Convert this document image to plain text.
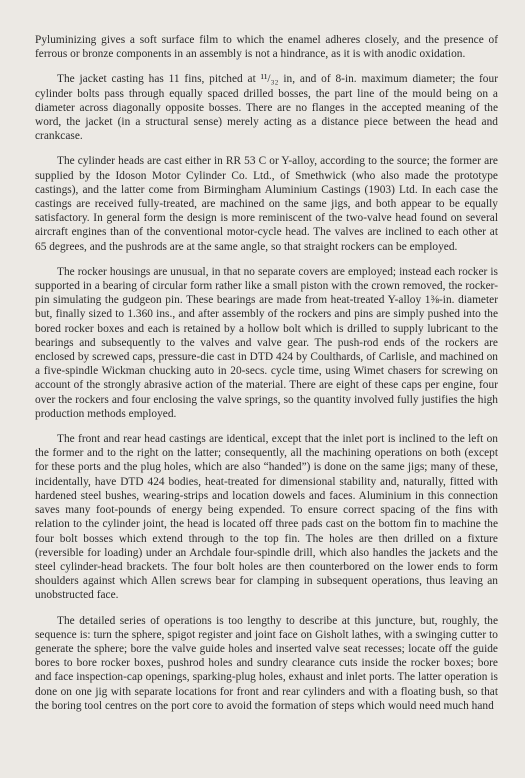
Pyluminizing gives a soft surface film to which the enamel adheres closely, and the presence of ferrous or bronze components in an assembly is not a hindrance, as it is with anodic oxidation.

The jacket casting has 11 fins, pitched at ¹¹/₃₂ in, and of 8-in. maximum diameter; the four cylinder bolts pass through equally spaced drilled bosses, the part line of the mould being on a diameter across diagonally opposite bosses. There are no flanges in the accepted meaning of the word, the jacket (in a structural sense) merely acting as a distance piece between the head and crankcase.

The cylinder heads are cast either in RR 53 C or Y-alloy, according to the source; the former are supplied by the Idoson Motor Cylinder Co. Ltd., of Smethwick (who also made the prototype castings), and the latter come from Birmingham Aluminium Castings (1903) Ltd. In each case the castings are received fully-treated, are machined on the same jigs, and both appear to be equally satisfactory. In general form the design is more reminiscent of the two-valve head found on several aircraft engines than of the conventional motor-cycle head. The valves are inclined to each other at 65 degrees, and the pushrods are at the same angle, so that straight rockers can be employed.

The rocker housings are unusual, in that no separate covers are employed; instead each rocker is supported in a bearing of circular form rather like a small piston with the crown removed, the rocker-pin simulating the gudgeon pin. These bearings are made from heat-treated Y-alloy 1⅜-in. diameter but, finally sized to 1.360 ins., and after assembly of the rockers and pins are simply pushed into the bored rocker boxes and each is retained by a hollow bolt which is drilled to supply lubricant to the bearings and subsequently to the valves and valve gear. The push-rod ends of the rockers are enclosed by screwed caps, pressure-die cast in DTD 424 by Coulthards, of Carlisle, and machined on a five-spindle Wickman chucking auto in 20-secs. cycle time, using Wimet chasers for screwing on account of the strongly abrasive action of the material. There are eight of these caps per engine, four over the rockers and four enclosing the valve springs, so the quantity involved fully justifies the high production methods employed.

The front and rear head castings are identical, except that the inlet port is inclined to the left on the former and to the right on the latter; consequently, all the machining operations on both (except for these ports and the plug holes, which are also “handed”) is done on the same jigs; many of these, incidentally, have DTD 424 bodies, heat-treated for dimensional stability and, naturally, fitted with hardened steel bushes, wearing-strips and location dowels and faces. Aluminium in this connection saves many foot-pounds of energy being expended. To ensure correct spacing of the fins with relation to the cylinder joint, the head is located off three pads cast on the bottom fin to machine the four bolt bosses which extend through to the top fin. The holes are then drilled on a fixture (reversible for loading) under an Archdale four-spindle drill, which also handles the jackets and the steel cylinder-head brackets. The four bolt holes are then counterbored on the lower ends to form shoulders against which Allen screws bear for clamping in subsequent operations, thus leaving an unobstructed face.

The detailed series of operations is too lengthy to describe at this juncture, but, roughly, the sequence is: turn the sphere, spigot register and joint face on Gisholt lathes, with a swinging cutter to generate the sphere; bore the valve guide holes and inserted valve seat recesses; locate off the guide bores to bore rocker boxes, pushrod holes and sundry clearance cuts inside the rocker boxes; bore and face inspection-cap openings, sparking-plug holes, exhaust and inlet ports. The latter operation is done on one jig with separate locations for front and rear cylinders and with a floating bush, so that the boring tool centres on the port core to avoid the formation of steps which would need much hand
